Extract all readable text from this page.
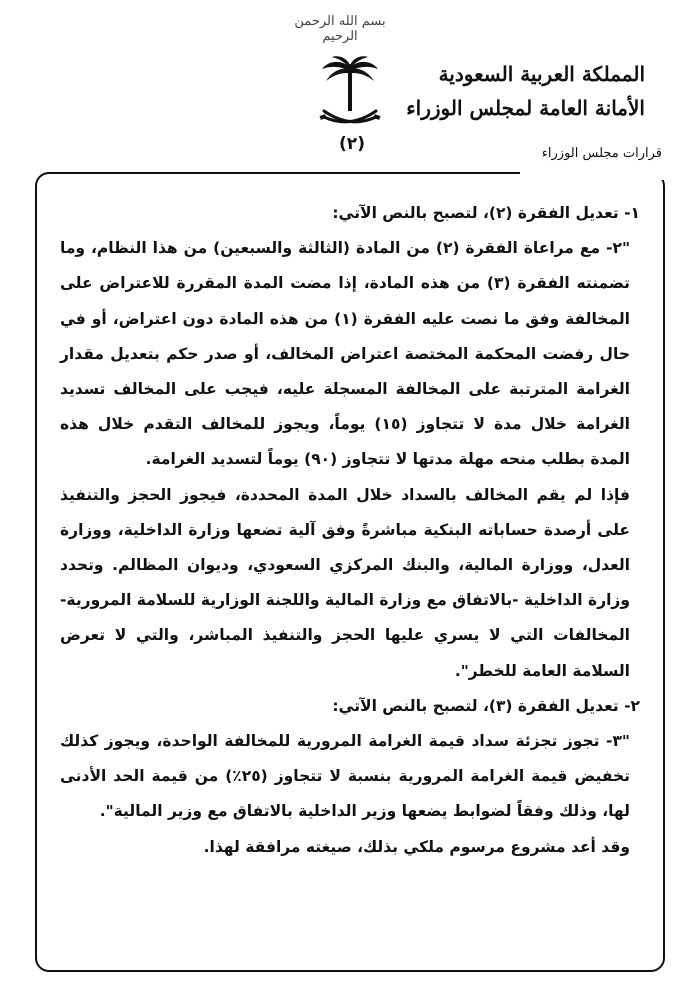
بسم الله الرحمن الرحيم
(٢)
المملكة العربية السعودية
الأمانة العامة لمجلس الوزراء
قرارات مجلس الوزراء

١- تعديل الفقرة (٢)، لتصبح بالنص الآتي:

"٢- مع مراعاة الفقرة (٢) من المادة (الثالثة والسبعين) من هذا النظام، وما تضمنته الفقرة (٣) من هذه المادة، إذا مضت المدة المقررة للاعتراض على المخالفة وفق ما نصت عليه الفقرة (١) من هذه المادة دون اعتراض، أو في حال رفضت المحكمة المختصة اعتراض المخالف، أو صدر حكم بتعديل مقدار الغرامة المترتبة على المخالفة المسجلة عليه، فيجب على المخالف تسديد الغرامة خلال مدة لا تتجاوز (١٥) يوماً، ويجوز للمخالف التقدم خلال هذه المدة بطلب منحه مهلة مدتها لا تتجاوز (٩٠) يوماً لتسديد الغرامة.

فإذا لم يقم المخالف بالسداد خلال المدة المحددة، فيجوز الحجز والتنفيذ على أرصدة حساباته البنكية مباشرةً وفق آلية تضعها وزارة الداخلية، ووزارة العدل، ووزارة المالية، والبنك المركزي السعودي، وديوان المظالم. وتحدد وزارة الداخلية -بالاتفاق مع وزارة المالية واللجنة الوزارية للسلامة المرورية- المخالفات التي لا يسري عليها الحجز والتنفيذ المباشر، والتي لا تعرض السلامة العامة للخطر".

٢- تعديل الفقرة (٣)، لتصبح بالنص الآتي:

"٣- تجوز تجزئة سداد قيمة الغرامة المرورية للمخالفة الواحدة، ويجوز كذلك تخفيض قيمة الغرامة المرورية بنسبة لا تتجاوز (٢٥٪) من قيمة الحد الأدنى لها، وذلك وفقاً لضوابط يضعها وزير الداخلية بالاتفاق مع وزير المالية".

وقد أعد مشروع مرسوم ملكي بذلك، صيغته مرافقة لهذا.
